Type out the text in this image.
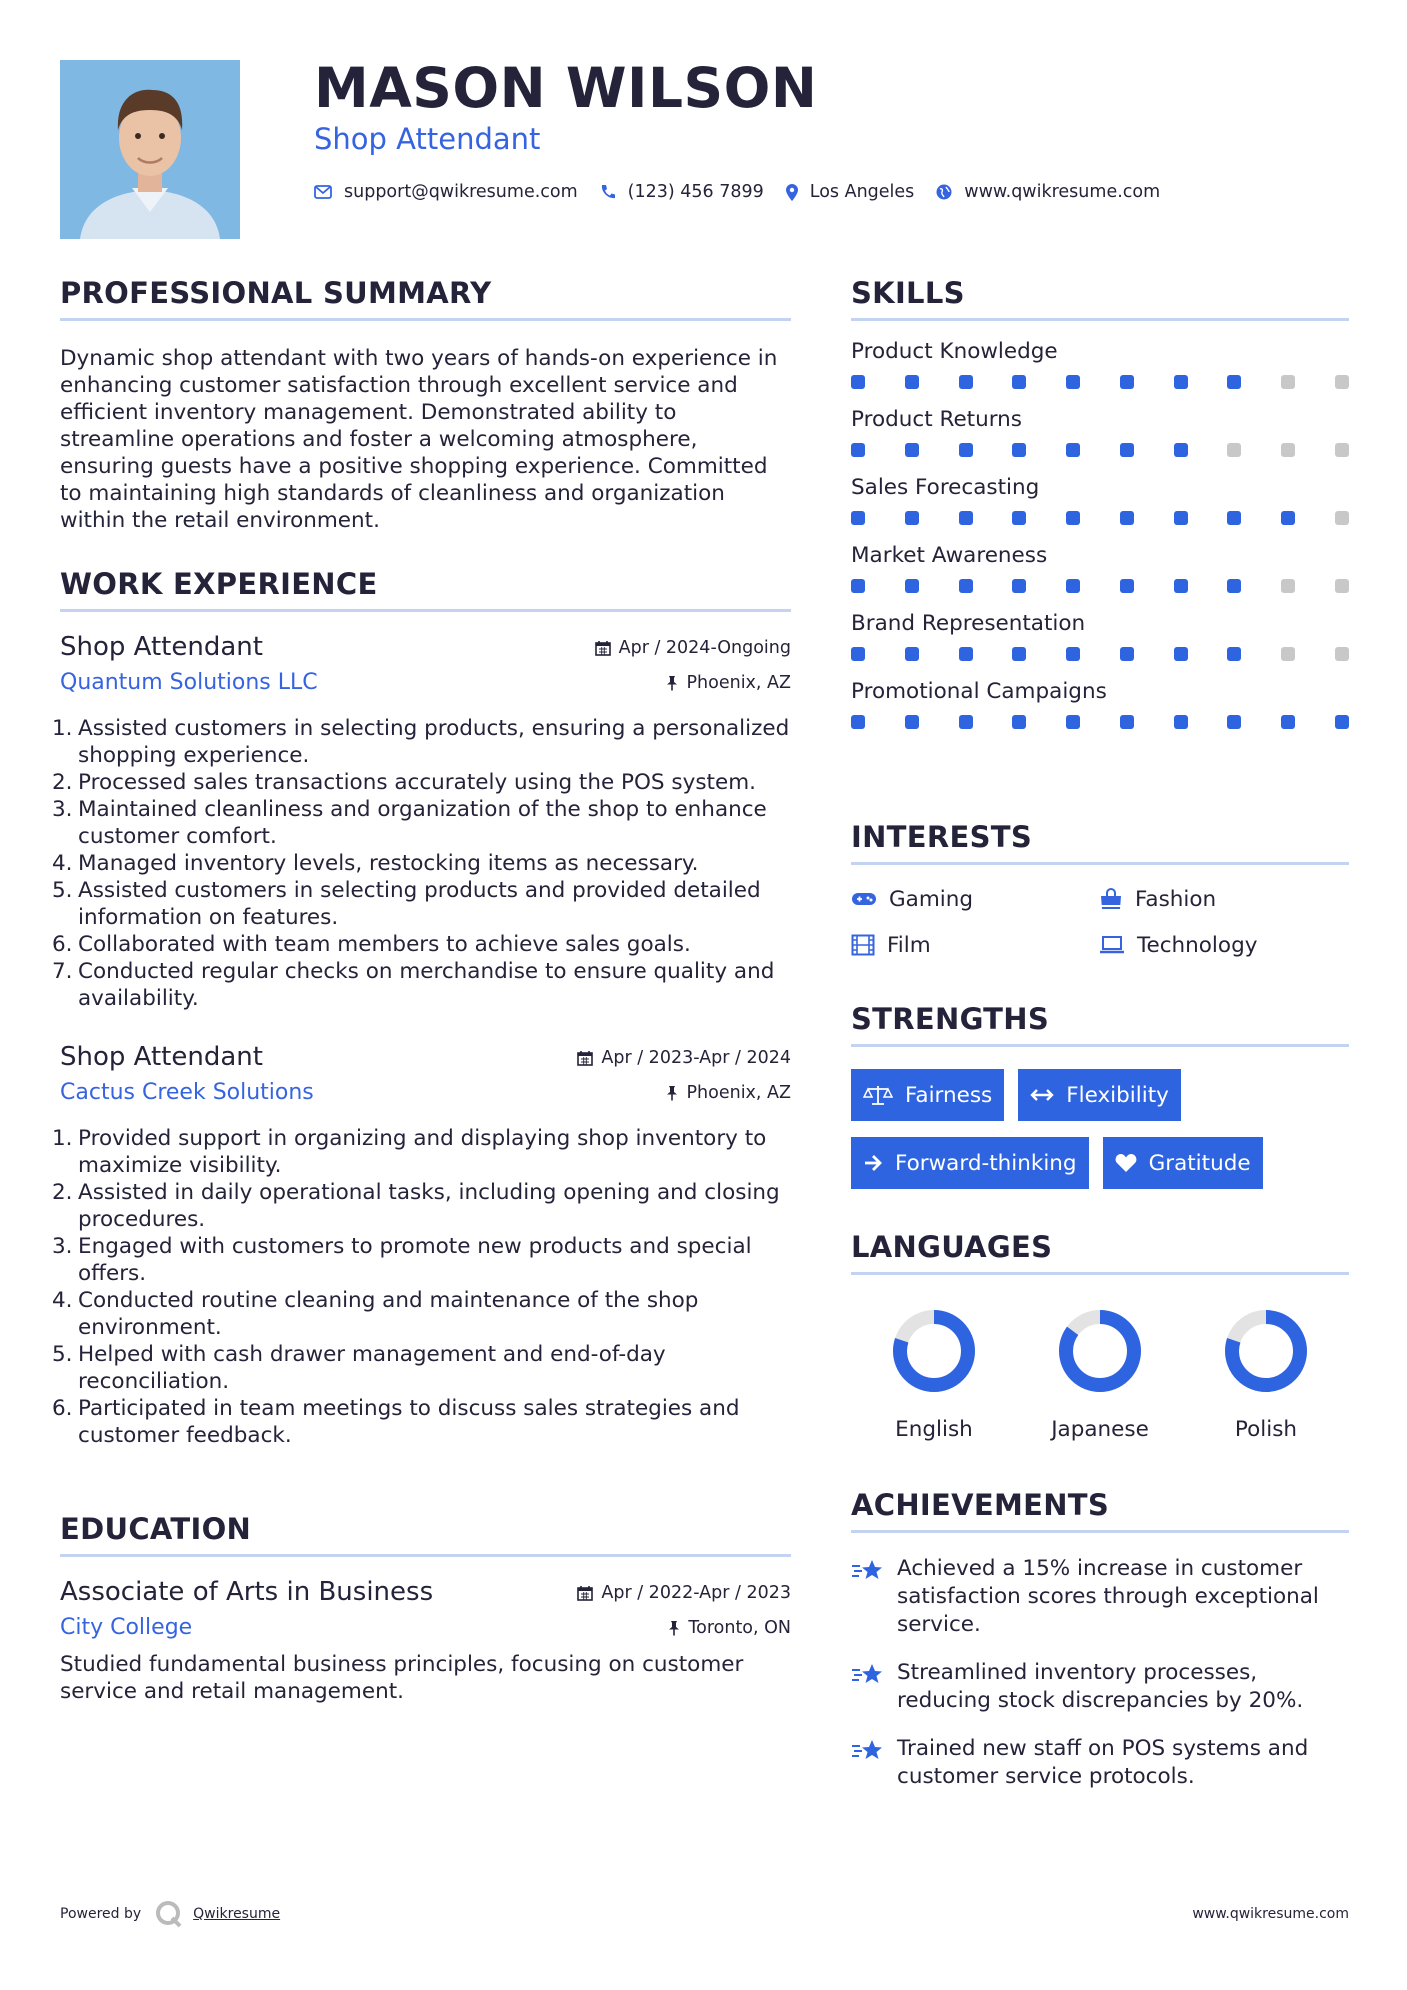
MASON WILSON
Shop Attendant
support@qwikresume.com	(123) 456 7899	Los Angeles	www.qwikresume.com
PROFESSIONAL SUMMARY
Dynamic shop attendant with two years of hands-on experience in enhancing customer satisfaction through excellent service and efficient inventory management. Demonstrated ability to streamline operations and foster a welcoming atmosphere, ensuring guests have a positive shopping experience. Committed to maintaining high standards of cleanliness and organization within the retail environment.
WORK EXPERIENCE
Shop Attendant
Quantum Solutions LLC
Apr / 2024-Ongoing
Phoenix, AZ
1. Assisted customers in selecting products, ensuring a personalized shopping experience.
2. Processed sales transactions accurately using the POS system.
3. Maintained cleanliness and organization of the shop to enhance customer comfort.
4. Managed inventory levels, restocking items as necessary.
5. Assisted customers in selecting products and provided detailed information on features.
6. Collaborated with team members to achieve sales goals.
7. Conducted regular checks on merchandise to ensure quality and availability.
Shop Attendant
Cactus Creek Solutions
Apr / 2023-Apr / 2024
Phoenix, AZ
1. Provided support in organizing and displaying shop inventory to maximize visibility.
2. Assisted in daily operational tasks, including opening and closing procedures.
3. Engaged with customers to promote new products and special offers.
4. Conducted routine cleaning and maintenance of the shop environment.
5. Helped with cash drawer management and end-of-day reconciliation.
6. Participated in team meetings to discuss sales strategies and customer feedback.
EDUCATION
Associate of Arts in Business
City College
Apr / 2022-Apr / 2023
Toronto, ON
Studied fundamental business principles, focusing on customer service and retail management.
SKILLS
Product Knowledge
Product Returns
Sales Forecasting
Market Awareness
Brand Representation
Promotional Campaigns
INTERESTS
Gaming	Fashion
Film	Technology
STRENGTHS
Fairness	Flexibility
Forward-thinking	Gratitude
LANGUAGES
English	Japanese	Polish
ACHIEVEMENTS
Achieved a 15% increase in customer satisfaction scores through exceptional service.
Streamlined inventory processes, reducing stock discrepancies by 20%.
Trained new staff on POS systems and customer service protocols.
Powered by	Qwikresume	www.qwikresume.com
